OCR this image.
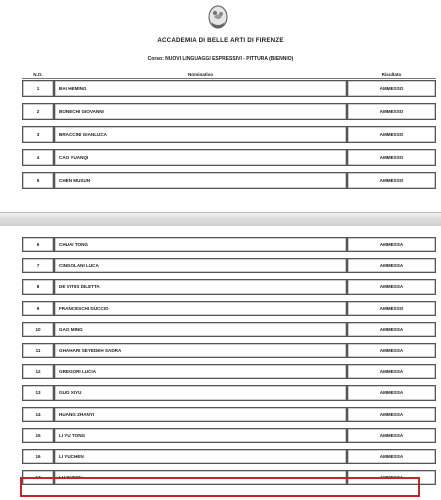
ACCADEMIA DI BELLE ARTI DI FIRENZE
Corso: NUOVI LINGUAGGI ESPRESSIVI - PITTURA (BIENNIO)
N.O.	Nominativo	Risultato
1	BAI HEMING	AMMESSO
2	BONECHI GIOVANNI	AMMESSO
3	BRACCINI GIANLUCA	AMMESSO
4	CAO YUANQI	AMMESSO
5	CHEN MUXUN	AMMESSO
6	CHUAI TONG	AMMESSA
7	CINGOLANI LUCA	AMMESSA
8	DE VITIIS DILETTA	AMMESSA
9	FRANCESCHI DUCCIO	AMMESSO
10	GAO MING	AMMESSA
11	GHAHARI SEYEDEH SADRA	AMMESSA
12	GREGORI LUCIA	AMMESSA
13	GUO XIYU	AMMESSA
14	HUANG ZHANYI	AMMESSA
15	LI YU TONG	AMMESSA
16	LI YUCHEN	AMMESSA
17	LU SHIYIN	AMMESSA
